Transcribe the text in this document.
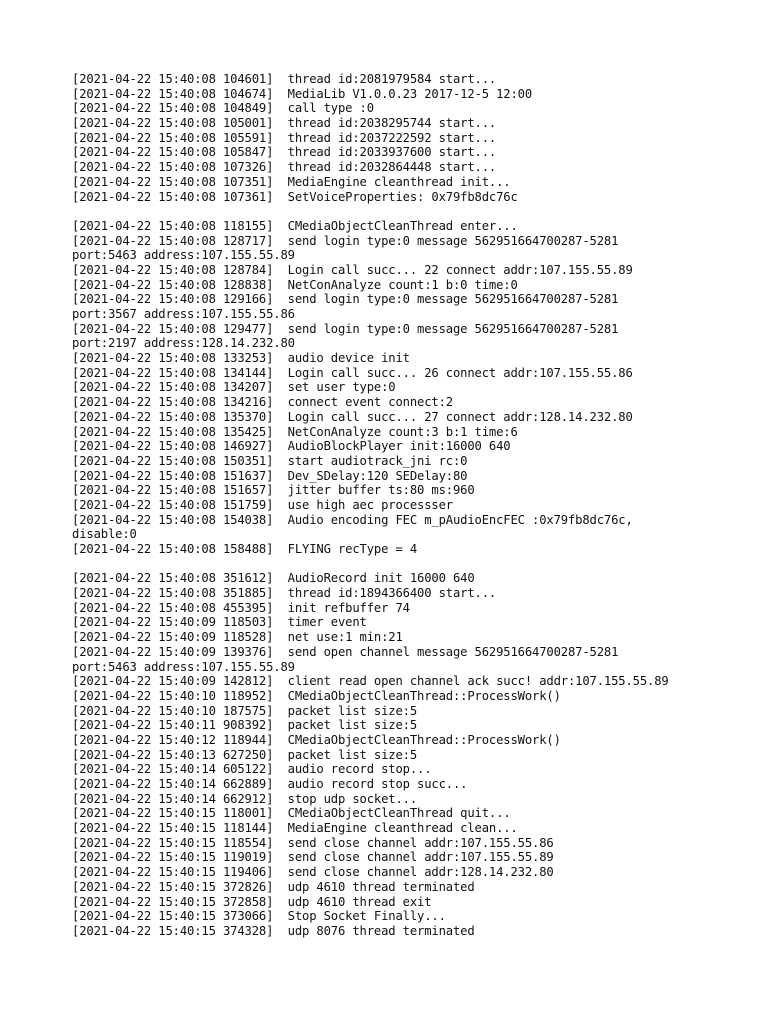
[2021-04-22 15:40:08 104601]  thread id:2081979584 start...
[2021-04-22 15:40:08 104674]  MediaLib V1.0.0.23 2017-12-5 12:00
[2021-04-22 15:40:08 104849]  call type :0
[2021-04-22 15:40:08 105001]  thread id:2038295744 start...
[2021-04-22 15:40:08 105591]  thread id:2037222592 start...
[2021-04-22 15:40:08 105847]  thread id:2033937600 start...
[2021-04-22 15:40:08 107326]  thread id:2032864448 start...
[2021-04-22 15:40:08 107351]  MediaEngine cleanthread init...
[2021-04-22 15:40:08 107361]  SetVoiceProperties: 0x79fb8dc76c
[2021-04-22 15:40:08 118155]  CMediaObjectCleanThread enter...
[2021-04-22 15:40:08 128717]  send login type:0 message 562951664700287-5281
port:5463 address:107.155.55.89
[2021-04-22 15:40:08 128784]  Login call succ... 22 connect addr:107.155.55.89
[2021-04-22 15:40:08 128838]  NetConAnalyze count:1 b:0 time:0
[2021-04-22 15:40:08 129166]  send login type:0 message 562951664700287-5281
port:3567 address:107.155.55.86
[2021-04-22 15:40:08 129477]  send login type:0 message 562951664700287-5281
port:2197 address:128.14.232.80
[2021-04-22 15:40:08 133253]  audio device init
[2021-04-22 15:40:08 134144]  Login call succ... 26 connect addr:107.155.55.86
[2021-04-22 15:40:08 134207]  set user type:0
[2021-04-22 15:40:08 134216]  connect event connect:2
[2021-04-22 15:40:08 135370]  Login call succ... 27 connect addr:128.14.232.80
[2021-04-22 15:40:08 135425]  NetConAnalyze count:3 b:1 time:6
[2021-04-22 15:40:08 146927]  AudioBlockPlayer init:16000 640
[2021-04-22 15:40:08 150351]  start audiotrack_jni rc:0
[2021-04-22 15:40:08 151637]  Dev_SDelay:120 SEDelay:80
[2021-04-22 15:40:08 151657]  jitter buffer ts:80 ms:960
[2021-04-22 15:40:08 151759]  use high aec processser
[2021-04-22 15:40:08 154038]  Audio encoding FEC m_pAudioEncFEC :0x79fb8dc76c,
disable:0
[2021-04-22 15:40:08 158488]  FLYING recType = 4
[2021-04-22 15:40:08 351612]  AudioRecord init 16000 640
[2021-04-22 15:40:08 351885]  thread id:1894366400 start...
[2021-04-22 15:40:08 455395]  init refbuffer 74
[2021-04-22 15:40:09 118503]  timer event
[2021-04-22 15:40:09 118528]  net use:1 min:21
[2021-04-22 15:40:09 139376]  send open channel message 562951664700287-5281
port:5463 address:107.155.55.89
[2021-04-22 15:40:09 142812]  client read open channel ack succ! addr:107.155.55.89
[2021-04-22 15:40:10 118952]  CMediaObjectCleanThread::ProcessWork()
[2021-04-22 15:40:10 187575]  packet list size:5
[2021-04-22 15:40:11 908392]  packet list size:5
[2021-04-22 15:40:12 118944]  CMediaObjectCleanThread::ProcessWork()
[2021-04-22 15:40:13 627250]  packet list size:5
[2021-04-22 15:40:14 605122]  audio record stop...
[2021-04-22 15:40:14 662889]  audio record stop succ...
[2021-04-22 15:40:14 662912]  stop udp socket...
[2021-04-22 15:40:15 118001]  CMediaObjectCleanThread quit...
[2021-04-22 15:40:15 118144]  MediaEngine cleanthread clean...
[2021-04-22 15:40:15 118554]  send close channel addr:107.155.55.86
[2021-04-22 15:40:15 119019]  send close channel addr:107.155.55.89
[2021-04-22 15:40:15 119406]  send close channel addr:128.14.232.80
[2021-04-22 15:40:15 372826]  udp 4610 thread terminated
[2021-04-22 15:40:15 372858]  udp 4610 thread exit
[2021-04-22 15:40:15 373066]  Stop Socket Finally...
[2021-04-22 15:40:15 374328]  udp 8076 thread terminated
